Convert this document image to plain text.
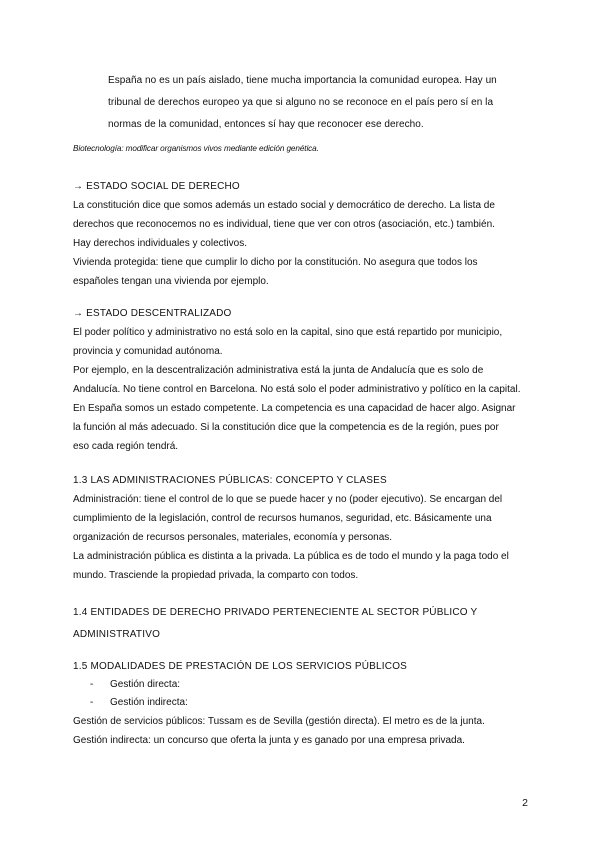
España no es un país aislado, tiene mucha importancia la comunidad europea. Hay un

tribunal de derechos europeo ya que si alguno no se reconoce en el país pero sí en la

normas de la comunidad, entonces sí hay que reconocer ese derecho.

Biotecnología: modificar organismos vivos mediante edición genética.
→ ESTADO SOCIAL DE DERECHO

La constitución dice que somos además un estado social y democrático de derecho. La lista de

derechos que reconocemos no es individual, tiene que ver con otros (asociación, etc.) también.

Hay derechos individuales y colectivos.

Vivienda protegida: tiene que cumplir lo dicho por la constitución. No asegura que todos los

españoles tengan una vivienda por ejemplo.

→ ESTADO DESCENTRALIZADO

El poder político y administrativo no está solo en la capital, sino que está repartido por municipio,

provincia y comunidad autónoma.

Por ejemplo, en la descentralización administrativa está la junta de Andalucía que es solo de

Andalucía. No tiene control en Barcelona. No está solo el poder administrativo y político en la capital.

En España somos un estado competente. La competencia es una capacidad de hacer algo. Asignar

la función al más adecuado. Si la constitución dice que la competencia es de la región, pues por

eso cada región tendrá.

1.3 LAS ADMINISTRACIONES PÚBLICAS: CONCEPTO Y CLASES

Administración: tiene el control de lo que se puede hacer y no (poder ejecutivo). Se encargan del

cumplimiento de la legislación, control de recursos humanos, seguridad, etc. Básicamente una

organización de recursos personales, materiales, economía y personas.

La administración pública es distinta a la privada. La pública es de todo el mundo y la paga todo el

mundo. Trasciende la propiedad privada, la comparto con todos.

1.4 ENTIDADES DE DERECHO PRIVADO PERTENECIENTE AL SECTOR PÚBLICO Y
ADMINISTRATIVO
1.5 MODALIDADES DE PRESTACIÓN DE LOS SERVICIOS PÚBLICOS
- Gestión directa:
- Gestión indirecta:

Gestión de servicios públicos: Tussam es de Sevilla (gestión directa). El metro es de la junta.

Gestión indirecta: un concurso que oferta la junta y es ganado por una empresa privada.

2
